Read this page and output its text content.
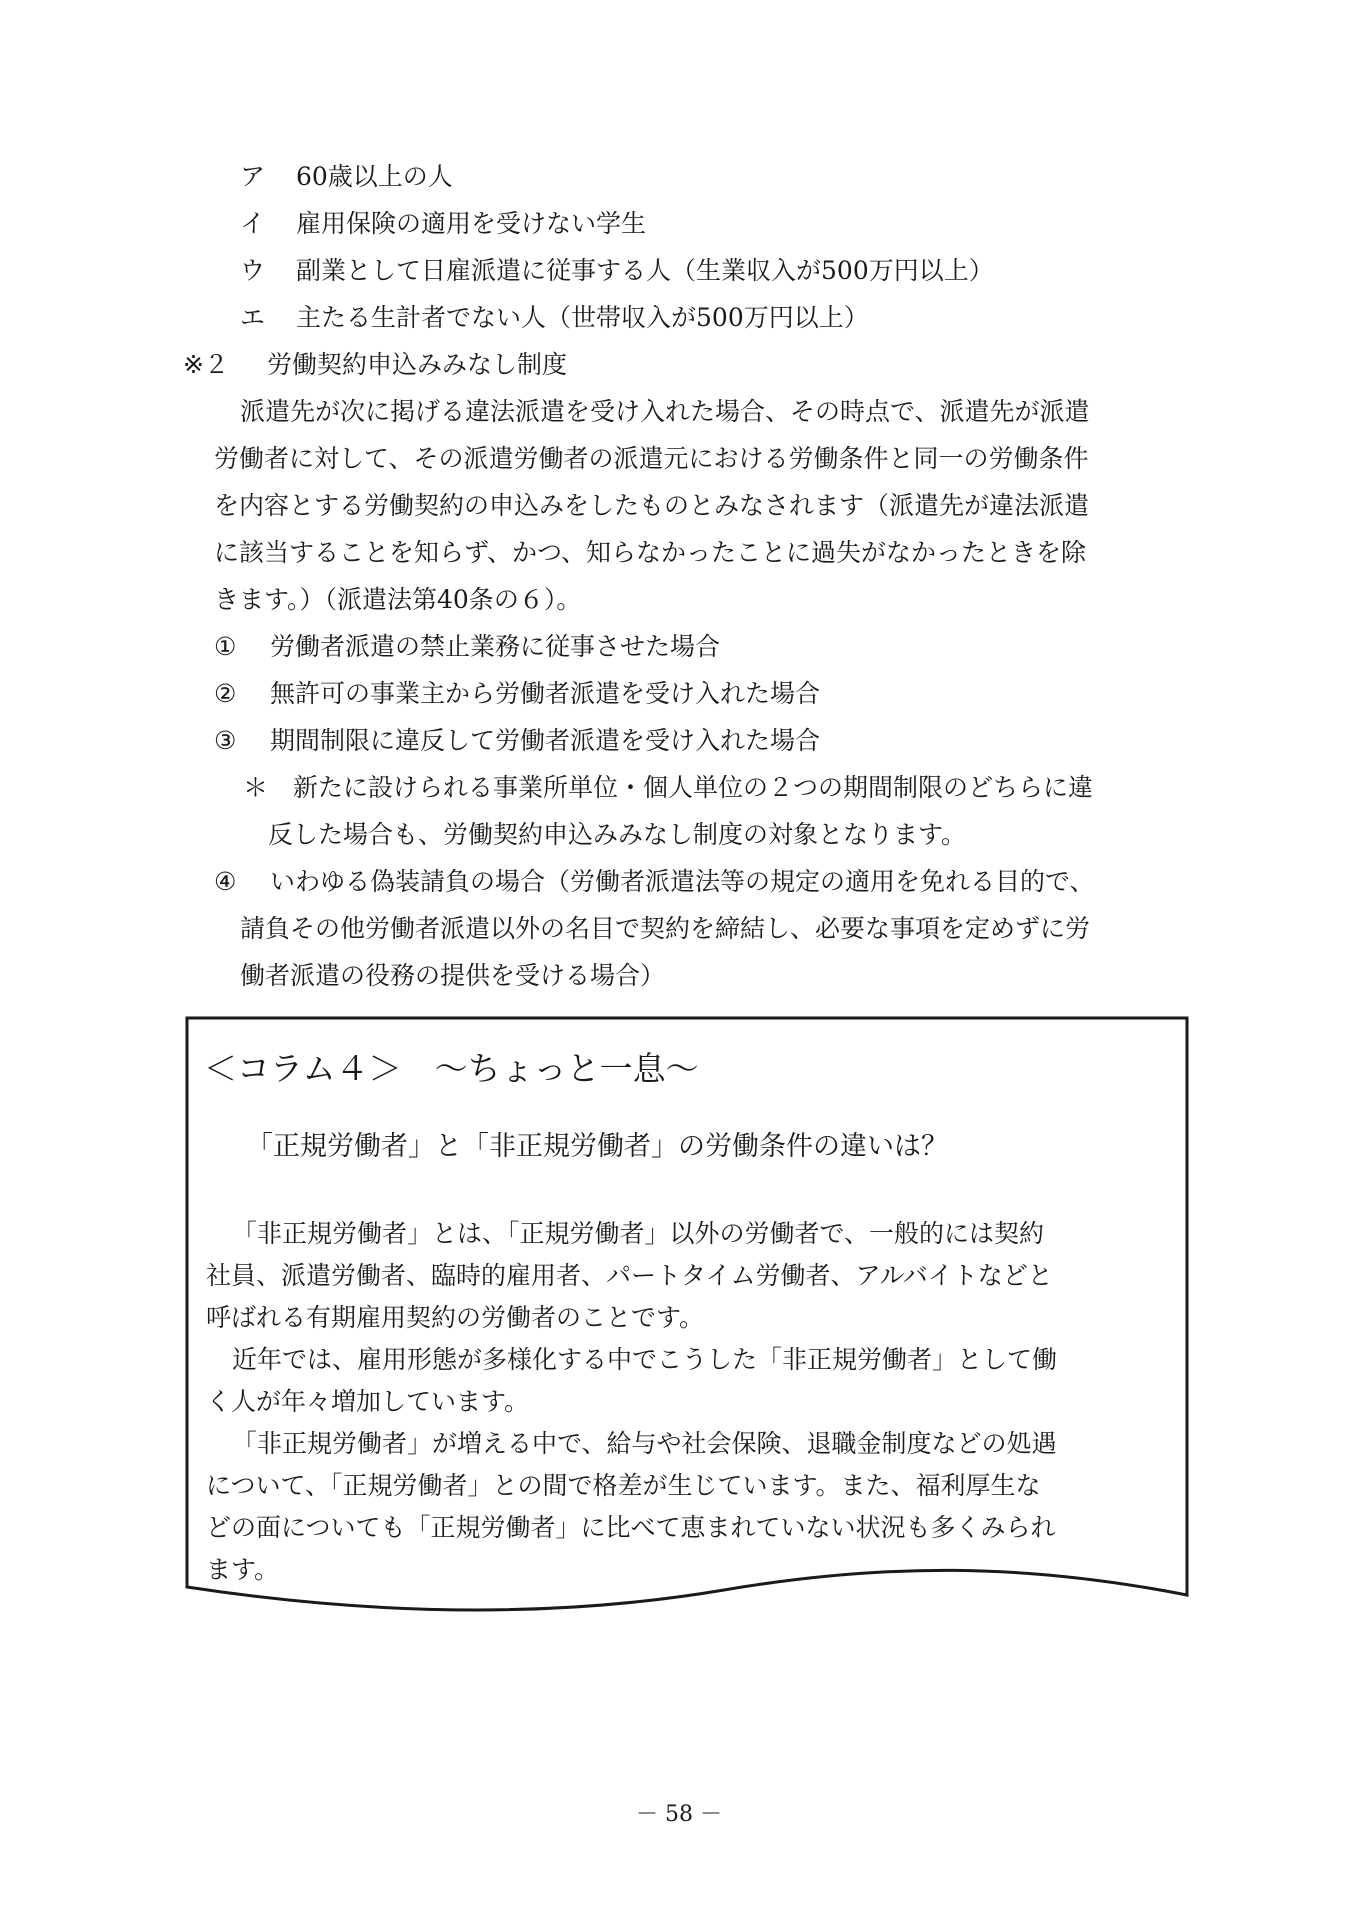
ア 60歳以上の人
イ 雇用保険の適用を受けない学生
ウ 副業として日雇派遣に従事する人（生業収入が500万円以上）
エ 主たる生計者でない人（世帯収入が500万円以上）
※２ 労働契約申込みみなし制度
派遣先が次に掲げる違法派遣を受け入れた場合、その時点で、派遣先が派遣
労働者に対して、その派遣労働者の派遣元における労働条件と同一の労働条件
を内容とする労働契約の申込みをしたものとみなされます（派遣先が違法派遣
に該当することを知らず、かつ、知らなかったことに過失がなかったときを除
きます。）（派遣法第40条の６）。
① 労働者派遣の禁止業務に従事させた場合
② 無許可の事業主から労働者派遣を受け入れた場合
③ 期間制限に違反して労働者派遣を受け入れた場合
＊ 新たに設けられる事業所単位・個人単位の２つの期間制限のどちらに違
反した場合も、労働契約申込みみなし制度の対象となります。
④ いわゆる偽装請負の場合（労働者派遣法等の規定の適用を免れる目的で、
請負その他労働者派遣以外の名目で契約を締結し、必要な事項を定めずに労
働者派遣の役務の提供を受ける場合）
＜コラム４＞　～ちょっと一息～
「正規労働者」と「非正規労働者」の労働条件の違いは？
「非正規労働者」とは、「正規労働者」以外の労働者で、一般的には契約
社員、派遣労働者、臨時的雇用者、パートタイム労働者、アルバイトなどと
呼ばれる有期雇用契約の労働者のことです。
近年では、雇用形態が多様化する中でこうした「非正規労働者」として働
く人が年々増加しています。
「非正規労働者」が増える中で、給与や社会保険、退職金制度などの処遇
について、「正規労働者」との間で格差が生じています。また、福利厚生な
どの面についても「正規労働者」に比べて恵まれていない状況も多くみられ
ます。
－ 58 －
